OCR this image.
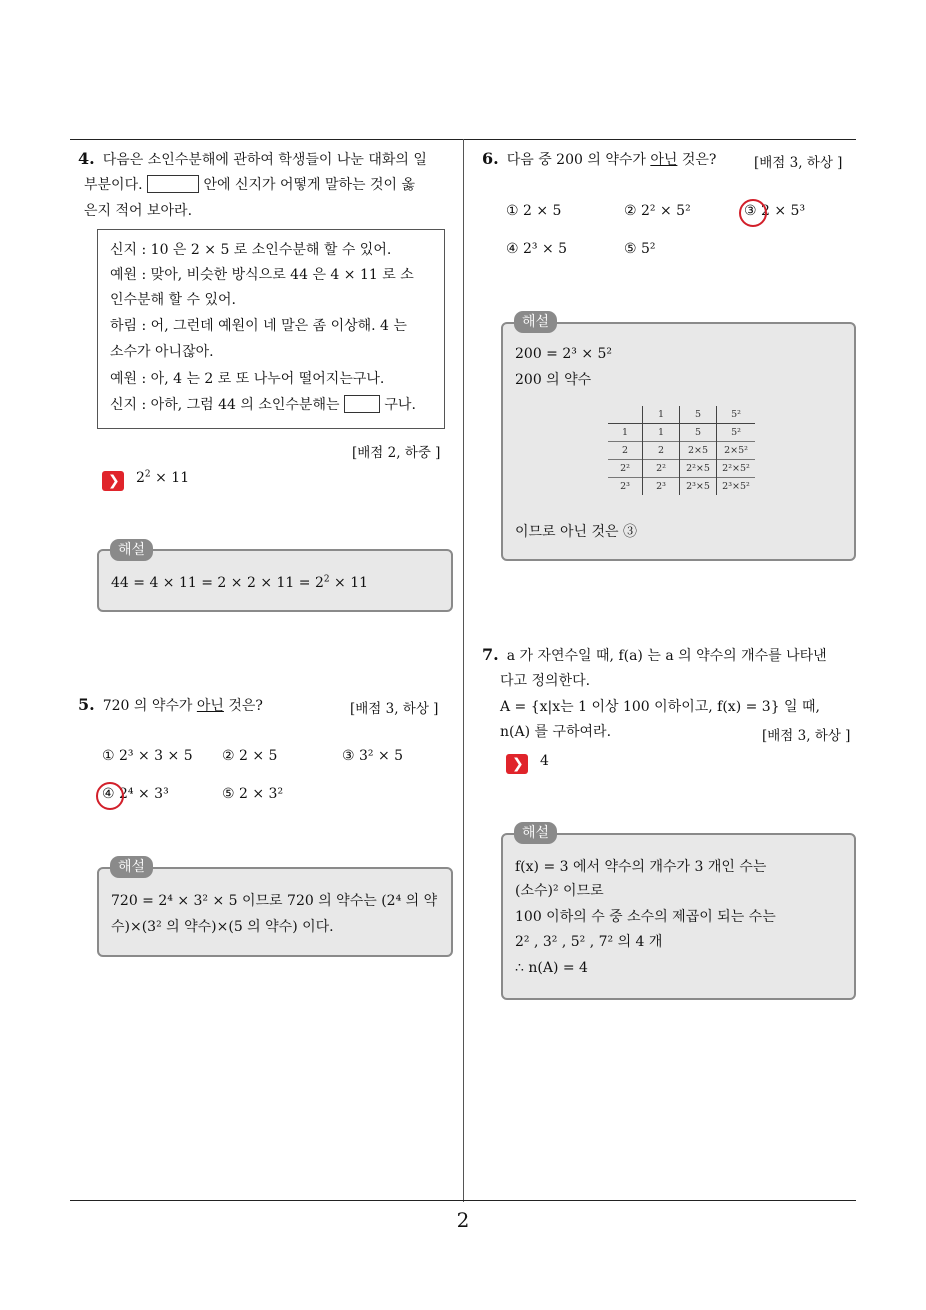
2
4. 다음은 소인수분해에 관하여 학생들이 나눈 대화의 일
부분이다.	안에 신지가 어떻게 말하는 것이 옳
은지 적어 보아라.
신지 : 10 은 2 × 5 로 소인수분해 할 수 있어.
예원 : 맞아, 비슷한 방식으로 44 은 4 × 11 로 소
인수분해 할 수 있어.
하림 : 어, 그런데 예원이 네 말은 좀 이상해. 4 는
소수가 아니잖아.
예원 : 아, 4 는 2 로 또 나누어 떨어지는구나.
신지 : 아하, 그럼 44 의 소인수분해는	구나.
[배점 2, 하중 ]
❯ $2^2 \times 11$
$44 = 4 \times 11 = 2 \times 2 \times 11 = 2^2 \times 11$
해설
5. 720 의 약수가 아닌 것은?	[배점 3, 하상 ]
① 2³ × 3 × 5 ② 2 × 5	③ 3² × 5
④ 2⁴ × 3³	⑤ 2 × 3²
720 = 2⁴ × 3² × 5 이므로 720 의 약수는 (2⁴ 의 약
수)×(3² 의 약수)×(5 의 약수) 이다.
해설
6. 다음 중 200 의 약수가 아닌 것은?	[배점 3, 하상 ]
① 2 × 5	② 2² × 5²	③ 2 × 5³
④ 2³ × 5	⑤ 5²
200 = 2³ × 5²
200 의 약수
	1	5	5²
1	1	5	5²
2	2	2×5	2×5²
2²	2²	2²×5	2²×5²
2³	2³	2³×5	2³×5²
이므로 아닌 것은 ③
해설
7. a 가 자연수일 때, f(a) 는 a 의 약수의 개수를 나타낸
다고 정의한다.
A = {x|x는 1 이상 100 이하이고, f(x) = 3} 일 때,
n(A) 를 구하여라.	[배점 3, 하상 ]
❯ 4
f(x) = 3 에서 약수의 개수가 3 개인 수는
(소수)² 이므로
100 이하의 수 중 소수의 제곱이 되는 수는
2² , 3² , 5² , 7² 의 4 개
∴ n(A) = 4
해설
